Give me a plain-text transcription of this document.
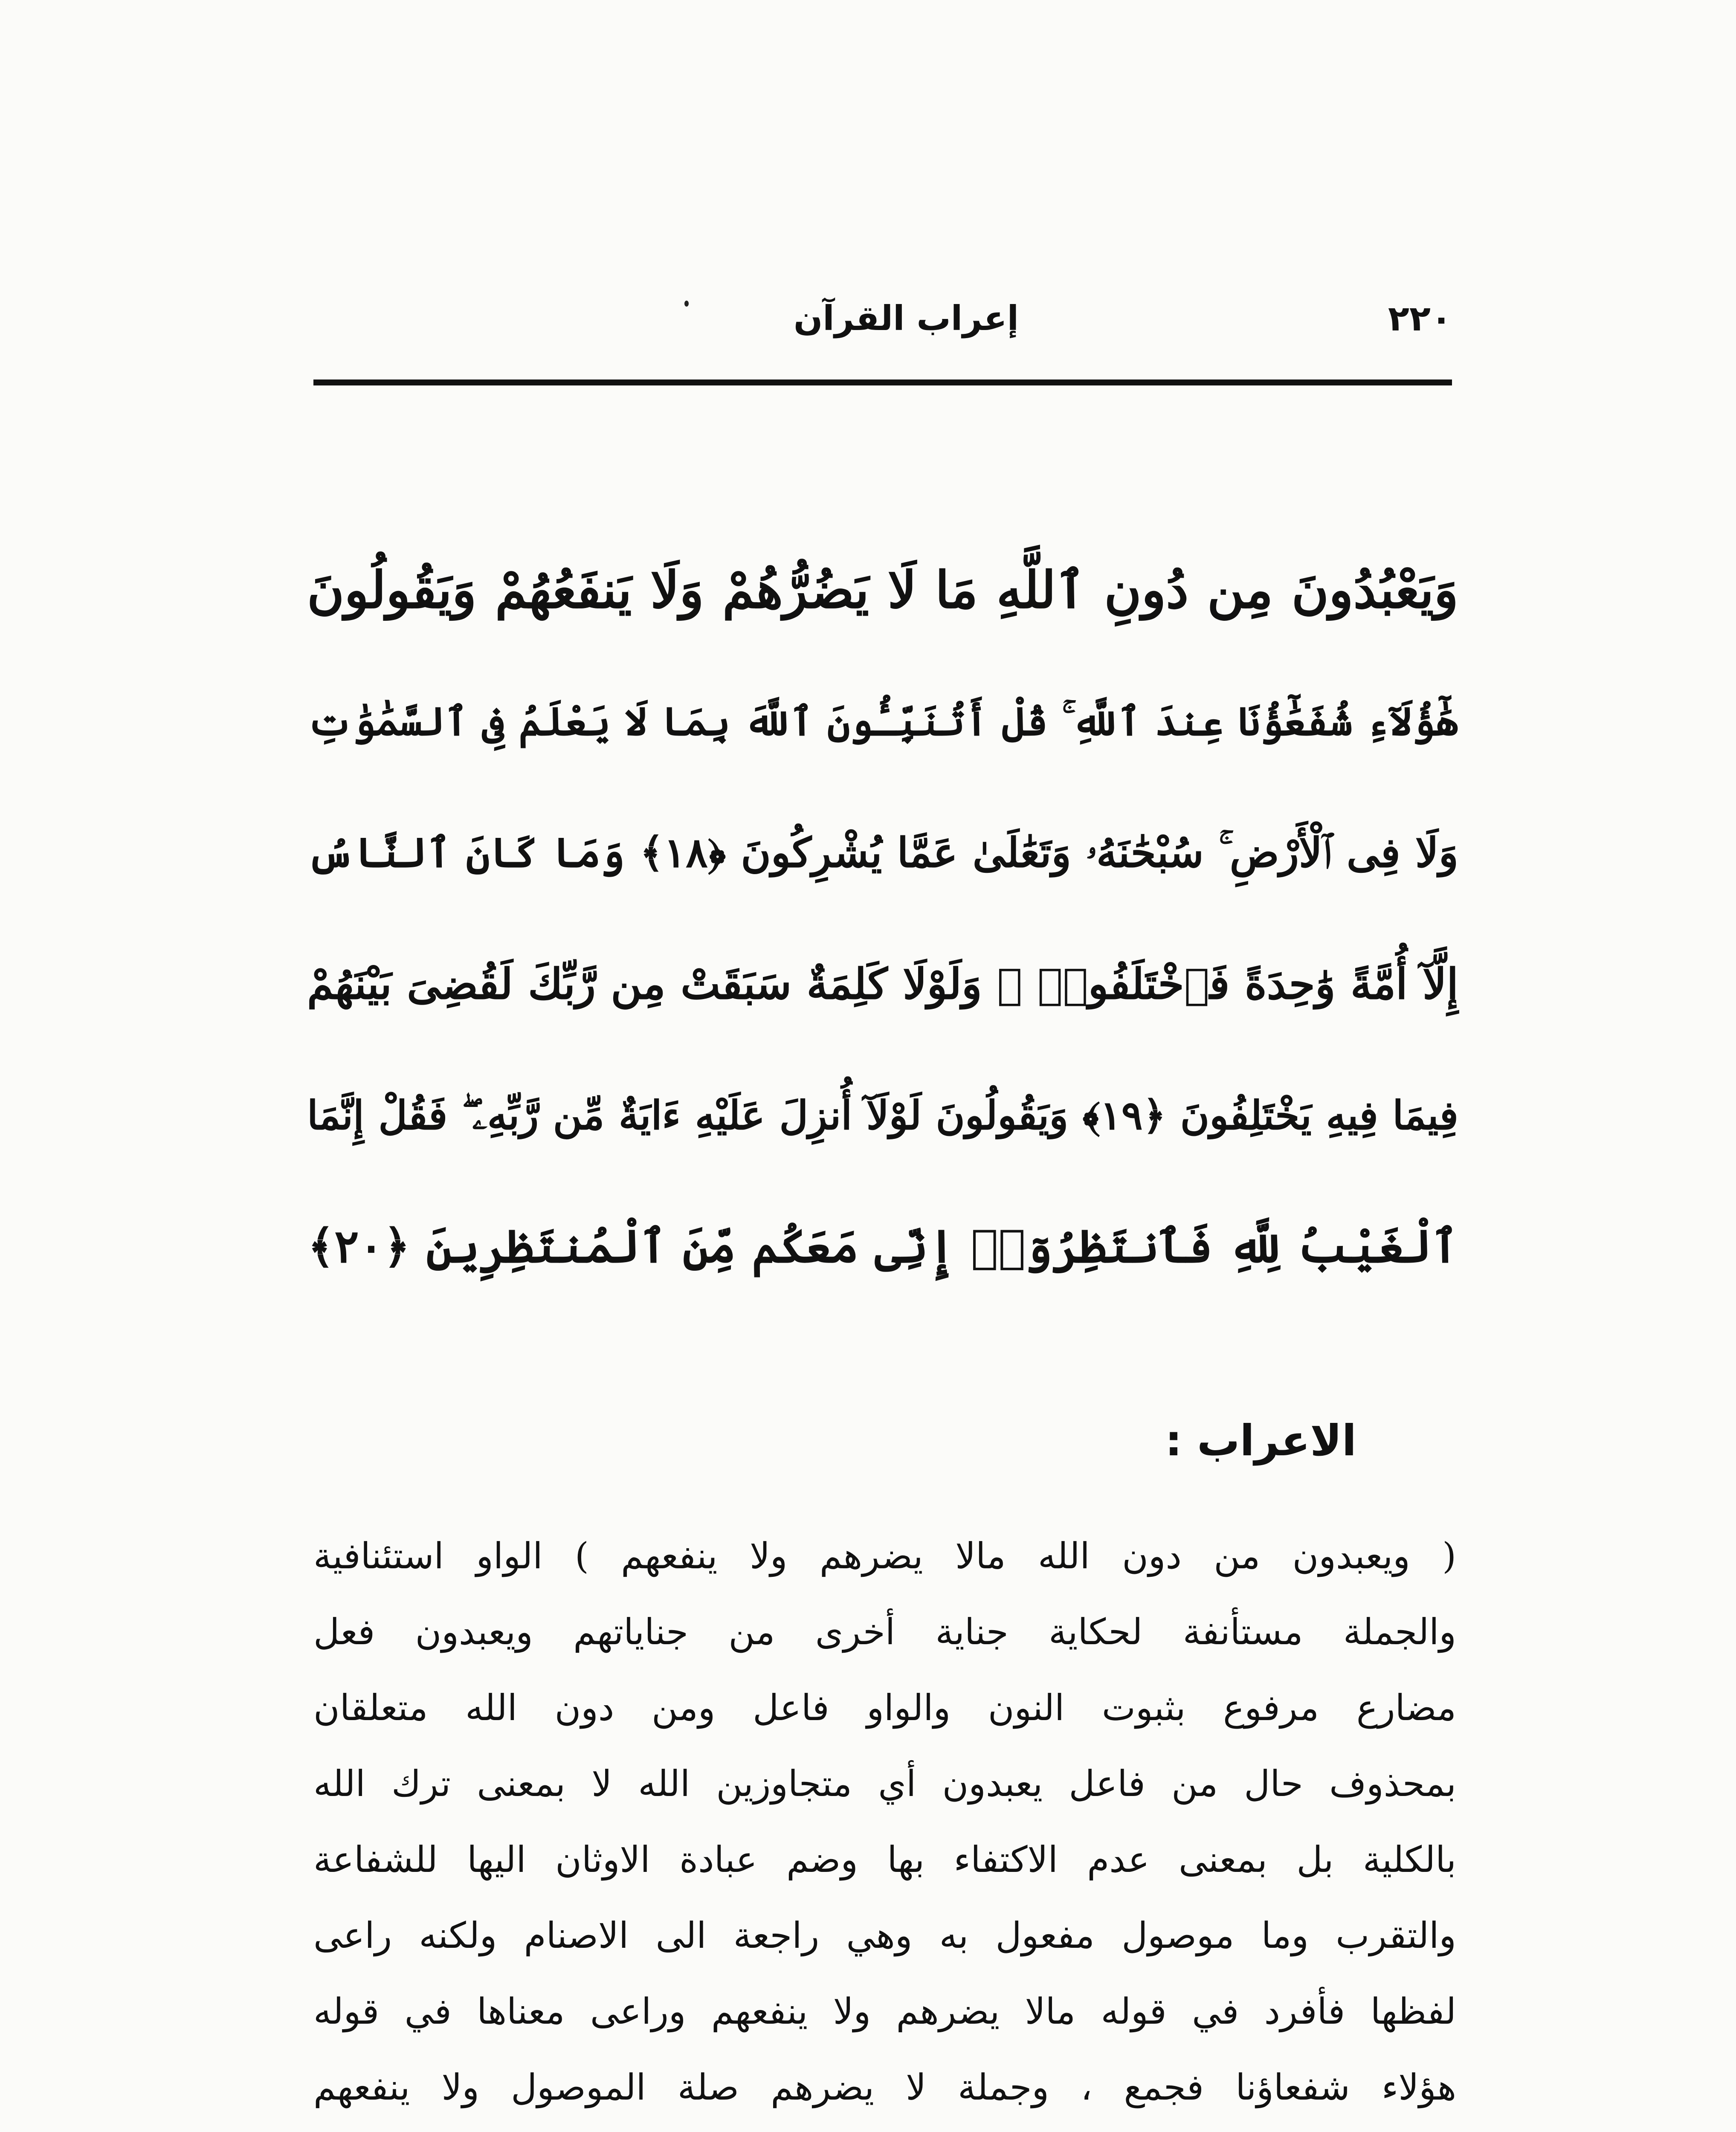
٢٢٠
إعراب القرآن
وَيَعْبُدُونَ مِن دُونِ ٱللَّهِ مَا لَا يَضُرُّهُمْ وَلَا يَنفَعُهُمْ وَيَقُولُونَ
هَٰٓؤُلَآءِ شُفَعَٰٓؤُنَا عِندَ ٱللَّهِ ۚ قُلْ أَتُنَبِّـُٔونَ ٱللَّهَ بِمَا لَا يَعْلَمُ فِى ٱلسَّمَٰوَٰتِ
وَلَا فِى ٱلْأَرْضِ ۚ سُبْحَٰنَهُۥ وَتَعَٰلَىٰ عَمَّا يُشْرِكُونَ ﴿١٨﴾ وَمَا كَانَ ٱلنَّاسُ
إِلَّآ أُمَّةً وَٰحِدَةً فَٱخْتَلَفُوا۟ ۚ وَلَوْلَا كَلِمَةٌ سَبَقَتْ مِن رَّبِّكَ لَقُضِىَ بَيْنَهُمْ
فِيمَا فِيهِ يَخْتَلِفُونَ ﴿١٩﴾ وَيَقُولُونَ لَوْلَآ أُنزِلَ عَلَيْهِ ءَايَةٌ مِّن رَّبِّهِۦ ۖ فَقُلْ إِنَّمَا
ٱلْغَيْبُ لِلَّهِ فَٱنتَظِرُوٓا۟ إِنِّى مَعَكُم مِّنَ ٱلْمُنتَظِرِينَ ﴿٢٠﴾
الاعراب :
( ويعبدون من دون الله مالا يضرهم ولا ينفعهم ) الواو استئنافية
والجملة مستأنفة لحكاية جناية أخرى من جناياتهم ويعبدون فعل
مضارع مرفوع بثبوت النون والواو فاعل ومن دون الله متعلقان
بمحذوف حال من فاعل يعبدون أي متجاوزين الله لا بمعنى ترك الله
بالكلية بل بمعنى عدم الاكتفاء بها وضم عبادة الاوثان اليها للشفاعة
والتقرب وما موصول مفعول به وهي راجعة الى الاصنام ولكنه راعى
لفظها فأفرد في قوله مالا يضرهم ولا ينفعهم وراعى معناها في قوله
هؤلاء شفعاؤنا فجمع ، وجملة لا يضرهم صلة الموصول ولا ينفعهم
